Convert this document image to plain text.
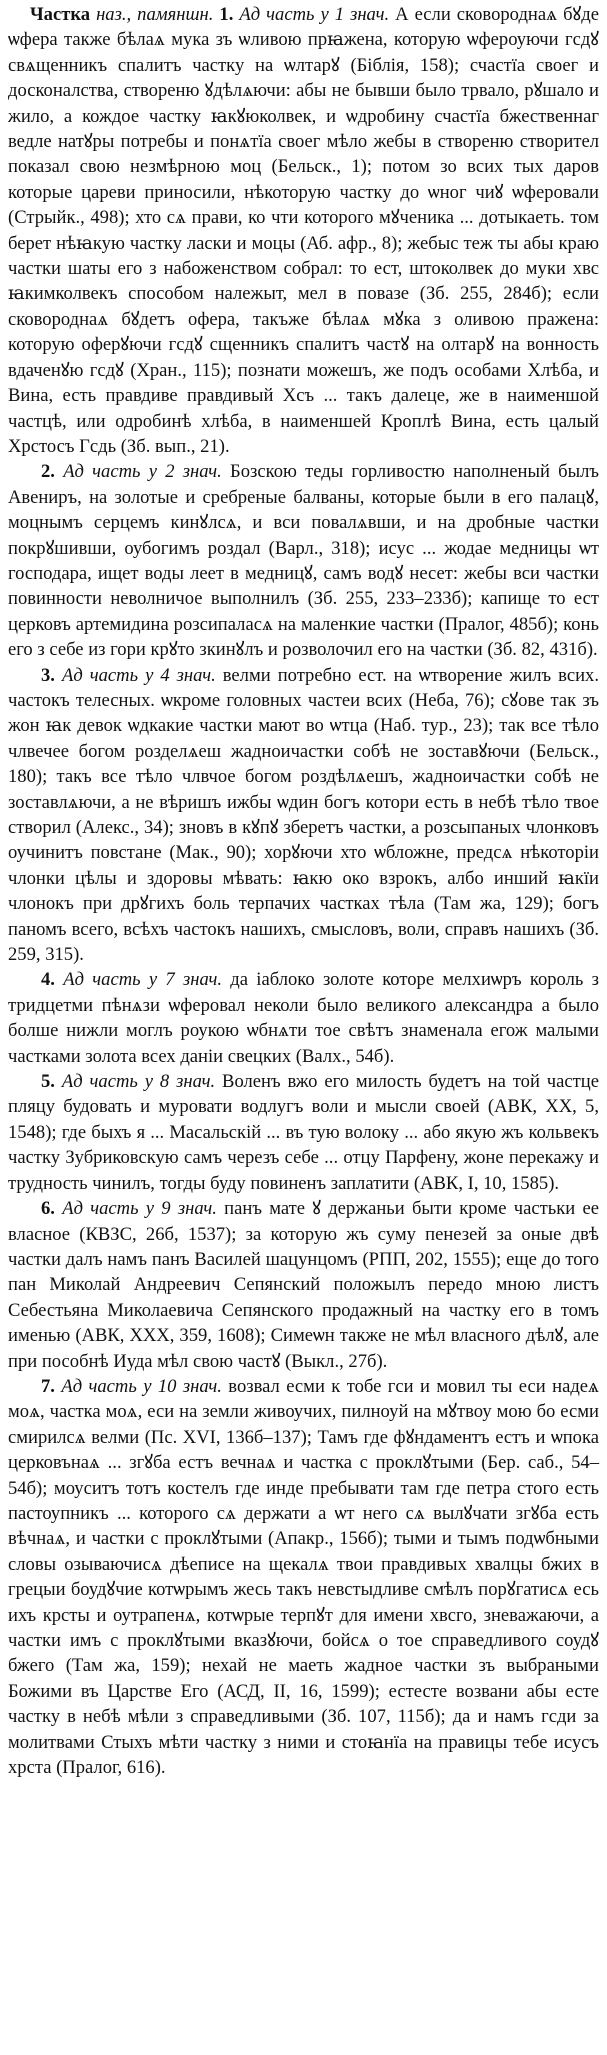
Частка наз., памяншн. 1. Ад часть у 1 знач. А если сковороднаѧ бꙋде ѡфера также бѣлаѧ мука зъ ѡливою прꙗжена, которую ѡфероуючи гсдꙋ свѧщенникъ спалитъ частку на ѡлтарꙋ (Біблія, 158); счастїа своег и досконалства, створеню ꙋдѣлѧючи: абы не бывши было трвало, рꙋшало и жило, а кождое частку ꙗкꙋюколвек, и ѡдробину счастїа бжественнаг ведле натꙋры потребы и понѧтїа своег мѣло жебы в створеню створител показал свою незмѣрною моц (Бельск., 1); потом зо всих тых даров которые цареви приносили, нѣкоторую частку до ѡног чиꙋ ѡферовали (Стрыйк., 498); хто сѧ прави, ко чти которого мꙋченика ... дотыкаеть. том берет нѣꙗкую частку ласки и моцы (Аб. афр., 8); жебыс теж ты абы краю частки шаты его з набоженством собрал: то ест, штоколвек до муки хвс ꙗкимколвекъ способом належыт, мел в повазе (Зб. 255, 284б); если сковороднаѧ бꙋдетъ офера, такъже бѣлаѧ мꙋка з оливою пражена: которую оферꙋючи гсдꙋ сщенникъ спалитъ частꙋ на олтарꙋ на вонность вдаченꙋю гсдꙋ (Хран., 115); познати можешъ, же подъ особами Хлѣба, и Вина, есть правдиве правдивый Хсъ ... такъ далеце, же в наименшой частцѣ, или одробинѣ хлѣба, в наименшей Кроплѣ Вина, есть цалый Хрстосъ Гсдь (Зб. вып., 21).

2. Ад часть у 2 знач. Бозскою теды горливостю наполненый былъ Авениръ, на золотые и сребреные балваны, которые были в его палацꙋ, моцнымъ серцемъ кинꙋлсѧ, и вси повалѧвши, и на дробные частки покрꙋшивши, оубогимъ роздал (Варл., 318); исус ... жодае медницы ѡт господара, ищет воды леет в медницꙋ, самъ водꙋ несет: жебы вси частки повинности неволничое выполнилъ (Зб. 255, 233–233б); капище то ест церковъ артемидина розсипаласѧ на маленкие частки (Пралог, 485б); конь его з себе из гори крꙋто зкинꙋлъ и розволочил его на частки (Зб. 82, 431б).

3. Ад часть у 4 знач. велми потребно ест. на ѡтворение жилъ всих. частокъ телесных. ѡкроме головных частеи всих (Неба, 76); сꙋове так зъ жон ꙗк девок ѡдкакие частки мают во ѡтца (Наб. тур., 23); так все тѣло члвечее богом розделѧеш жадноичастки собѣ не зоставꙋючи (Бельск., 180); такъ все тѣло члвчое богом роздѣлѧешъ, жадноичастки собѣ не зоставлѧючи, а не вѣришъ ижбы ѡдин богъ котори есть в небѣ тѣло твое створил (Алекс., 34); зновъ в кꙋпꙋ зберетъ частки, а розсыпаных члонковъ оучинитъ повстане (Мак., 90); хорꙋючи хто ѡбложне, предсѧ нѣкоторіи члонки цѣлы и здоровы мѣвать: ꙗкю око взрокъ, албо инший ꙗкїи члонокъ при дрꙋгихъ боль терпачих частках тѣла (Там жа, 129); богъ паномъ всего, всѣхъ частокъ нашихъ, смысловъ, воли, справъ нашихъ (Зб. 259, 315).

4. Ад часть у 7 знач. да іаблоко золоте которе мелхиѡръ король з тридцетми пѣнѧзи ѡферовал неколи было великого александра а было болше нижли моглъ роукою ѡбнѧти тое свѣтъ знаменала егож малыми частками золота всех даніи свецких (Валх., 54б).

5. Ад часть у 8 знач. Воленъ вжо его милость будетъ на той частце пляцу будовать и муровати водлугъ воли и мысли своей (АВК, XX, 5, 1548); где быхъ я ... Масальскій ... въ тую волоку ... або якую жъ кольвекъ частку Зубриковскую самъ черезъ себе ... отцу Парфену, жоне перекажу и трудность чинилъ, тогды буду повиненъ заплатити (АВК, І, 10, 1585).

6. Ад часть у 9 знач. панъ мате ꙋ держаньи быти кроме частьки ее власное (КВЗС, 26б, 1537); за которую жъ суму пенезей за оные двѣ частки далъ намъ панъ Василей шацунцомъ (РПП, 202, 1555); еще до того пан Миколай Андреевич Сепянский положылъ передо мною листъ Себестьяна Миколаевича Сепянского продажный на частку его в томъ именью (АВК, XXX, 359, 1608); Симеѡн также не мѣл власного дѣлꙋ, але при пособнѣ Иуда мѣл свою частꙋ (Выкл., 27б).

7. Ад часть у 10 знач. возвал есми к тобе гси и мовил ты еси надеѧ моѧ, частка моѧ, еси на земли живоучих, пилноуй на мꙋтвоу мою бо есми смирилсѧ велми (Пс. XVI, 136б–137); Тамъ где фꙋндаментъ естъ и ѡпока церковънаѧ ... згꙋба естъ вечнаѧ и частка с проклꙋтыми (Бер. саб., 54–54б); моуситъ тотъ костелъ где инде пребывати там где петра стого есть пастоупникъ ... которого сѧ держати а ѡт него сѧ вылꙋчати згꙋба есть вѣчнаѧ, и частки с проклꙋтыми (Апакр., 156б); тыми и тымъ подѡбными словы озываючисѧ дѣеписе на щекалѧ твои правдивых хвалцы бжих в грецыи боудꙋчие котѡрымъ жесь такъ невстыдливе смѣлъ порꙋгатисѧ есь ихъ крсты и оутрапенѧ, котѡрые терпꙋт для имени хвсго, зневажаючи, а частки имъ с проклꙋтыми вказꙋючи, бойсѧ о тое справедливого соудꙋ бжего (Там жа, 159); нехай не маеть жадное частки зъ выбраными Божими въ Царстве Его (АСД, ІІ, 16, 1599); естесте возвани абы есте частку в небѣ мѣли з справедливыми (Зб. 107, 115б); да и намъ гсди за молитвами Стыхъ мѣти частку з ними и стоꙗнїа на правицы тебе исусъ хрста (Пралог, 616).
